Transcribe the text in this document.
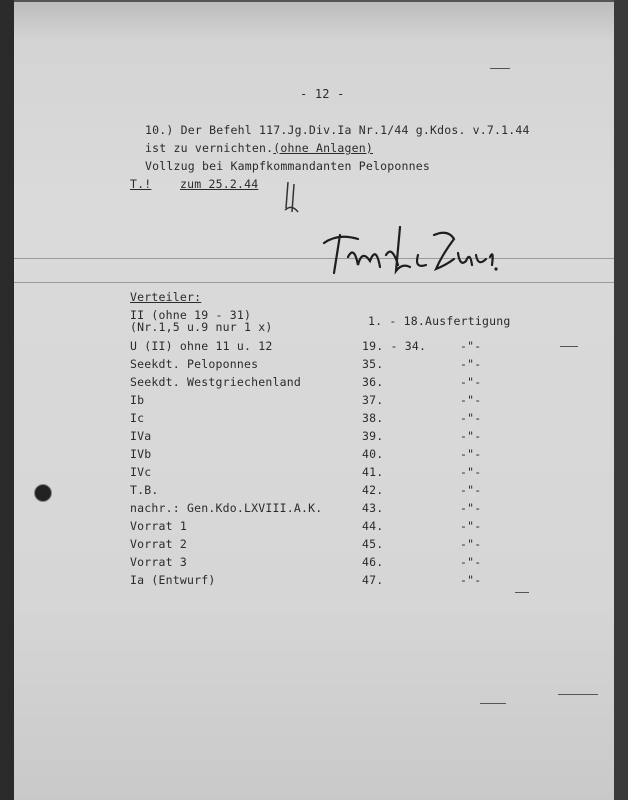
- 12 -
10.) Der Befehl 117.Jg.Div.Ia Nr.1/44 g.Kdos. v.7.1.44
ist zu vernichten.(ohne Anlagen)
Vollzug bei Kampfkommandanten Peloponnes
T.! zum 25.2.44
Verteiler:
II (ohne 19 - 31)
(Nr.1,5 u.9 nur 1 x)	1. - 18.Ausfertigung
U (II) ohne 11 u. 12	19. - 34.	-"-
Seekdt. Peloponnes	35.	-"-
Seekdt. Westgriechenland	36.	-"-
Ib	37.	-"-
Ic	38.	-"-
IVa	39.	-"-
IVb	40.	-"-
IVc	41.	-"-
T.B.	42.	-"-
nachr.: Gen.Kdo.LXVIII.A.K.	43.	-"-
Vorrat 1	44.	-"-
Vorrat 2	45.	-"-
Vorrat 3	46.	-"-
Ia (Entwurf)	47.	-"-
